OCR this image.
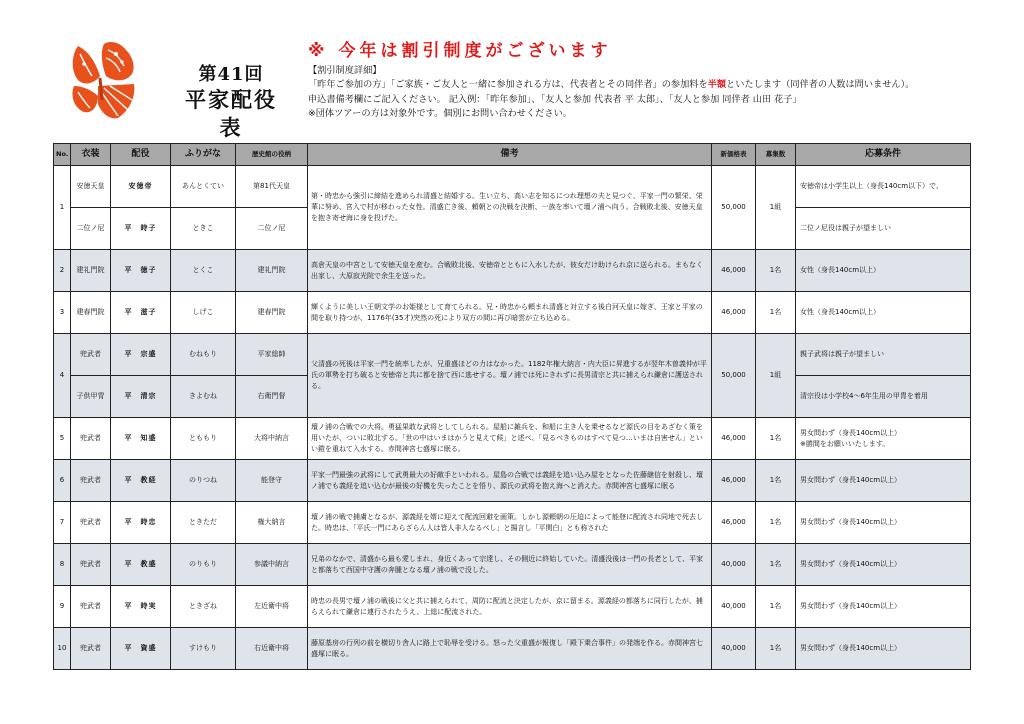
第41回
平家配役表
※ 今年は割引制度がございます
【割引制度詳細】
「昨年ご参加の方」「ご家族・ご友人と一緒に参加される方は、代表者とその同伴者」の参加料を半額といたします（同伴者の人数は問いません）。
申込書備考欄にご記入ください。 記入例：「昨年参加」、「友人と参加 代表者 平 太郎」、「友人と参加 同伴者 山田 花子」
※団体ツアーの方は対象外です。個別にお問い合わせください。
No.	衣装	配役	ふりがな	歴史館の役柄	備考	新価格表	募集数	応募条件
1	安徳天皇	安徳帝	あんとくてい	第81代天皇	第・時忠から強引に締結を進められ清盛と結婚する。生い立ち、高い志を知るにつれ理想の夫と見つぐ、平家一門の繁栄、栄華に努め、宮入で村が移わった女性。清盛亡き後、頼朝との決戦を決断、一族を率いて壇ノ浦へ向う。合戦敗北後、安徳天皇を抱き寄せ海に身を投げた。	50,000	1組	安徳帝は小学生以上（身長140cm以下）で、
	二位ノ尼	平　時子	ときこ	二位ノ尼				二位ノ尼役は親子が望ましい
2	建礼門院	平　徳子	とくこ	建礼門院	高倉天皇の中宮として安徳天皇を産む。合戦敗北後、安徳帝とともに入水したが、彼女だけ助けられ京に送られる。まもなく出家し、大原寂光院で余生を送った。	46,000	1名	女性（身長140cm以上）
3	建春門院	平　滋子	しげこ	建春門院	輝くように美しい王朝文学のお姫様として育てられる。兄・時忠から頼まれ清盛と対立する後白河天皇に嫁ぎ、王家と平家の間を取り持つが、1176年(35才)突然の死により双方の間に再び暗雲が立ち込める。	46,000	1名	女性（身長140cm以上）
4	兜武者	平　宗盛	むねもり	平家総帥	父清盛の死後は平家一門を統率したが、兄重盛ほどの力はなかった。1182年権大納言・内大臣に昇進するが翌年木曽義仲が平氏の軍勢を打ち破ると安徳帝と共に都を捨て西に逃せする。壇ノ浦では死にきれずに長男清宗と共に捕えられ鎌倉に護送される。	50,000	1組	親子武将は親子が望ましい
	子供甲冑	平　清宗	きよむね	右衛門督				清宗役は小学校4～6年生用の甲冑を着用
5	兜武者	平　知盛	とももり	大将中納言	壇ノ浦の合戦での大将。勇猛果敢な武将としてしられる。屋船に雑兵を、和船に主き人を乗せるなど源氏の目をあざむく策を用いたが、ついに敗北する。「世の中はいまはかうと見えて候」と述べ、「見るべきものはすべて見つ…いまは自害せん」といい鎧を重ねて入水する。赤間神宮七盛塚に眠る。	46,000	1名	男女問わず（身長140cm以上）
※勝間をお願いいたします。
6	兜武者	平　教経	のりつね	能登守	平家一門最強の武将にして武勇最大の好敵手といわれる。屋島の合戦では義経を追い込み屋をとなった佐藤継信を射殺し、壇ノ浦でも義経を追い込むが最後の好機を失ったことを悟り、源氏の武将を抱え海へと消えた。赤間神宮七盛塚に眠る	46,000	1名	男女問わず（身長140cm以上）
7	兜武者	平　時忠	ときただ	権大納言	壇ノ浦の戦で捕虜となるが、源義経を婿に迎えて配流回避を画策。しかし源頼朝の圧迫によって能登に配流され同地で死去した。時忠は、「平氏一門にあらざらん人は皆人非人なるべし」と揚言し「平関白」とも称された	46,000	1名	男女問わず（身長140cm以上）
8	兜武者	平　教盛	のりもり	参議中納言	兄弟のなかで、清盛から最も愛しまれ、身近くあって宗達し、その側近に終始していた。清盛没後は一門の長老として、平家と都落ちて西国中守護の奔腫となる壇ノ浦の戦で没した。	40,000	1名	男女問わず（身長140cm以上）
9	兜武者	平　時実	ときざね	左近衛中将	時忠の長男で壇ノ浦の戦後に父と共に捕えられて、周防に配流と決定したが、京に留まる。源義経の都落ちに同行したが、捕らえられて鎌倉に連行されたうえ、上総に配流された。	40,000	1名	男女問わず（身長140cm以上）
10	兜武者	平　資盛	すけもり	右近衛中将	藤原基房の行列の前を横切り舎人に路上で恥辱を受ける。怒った父重盛が報復し「殿下乗合事件」の発端を作る。赤間神宮七盛塚に眠る。	40,000	1名	男女問わず（身長140cm以上）
